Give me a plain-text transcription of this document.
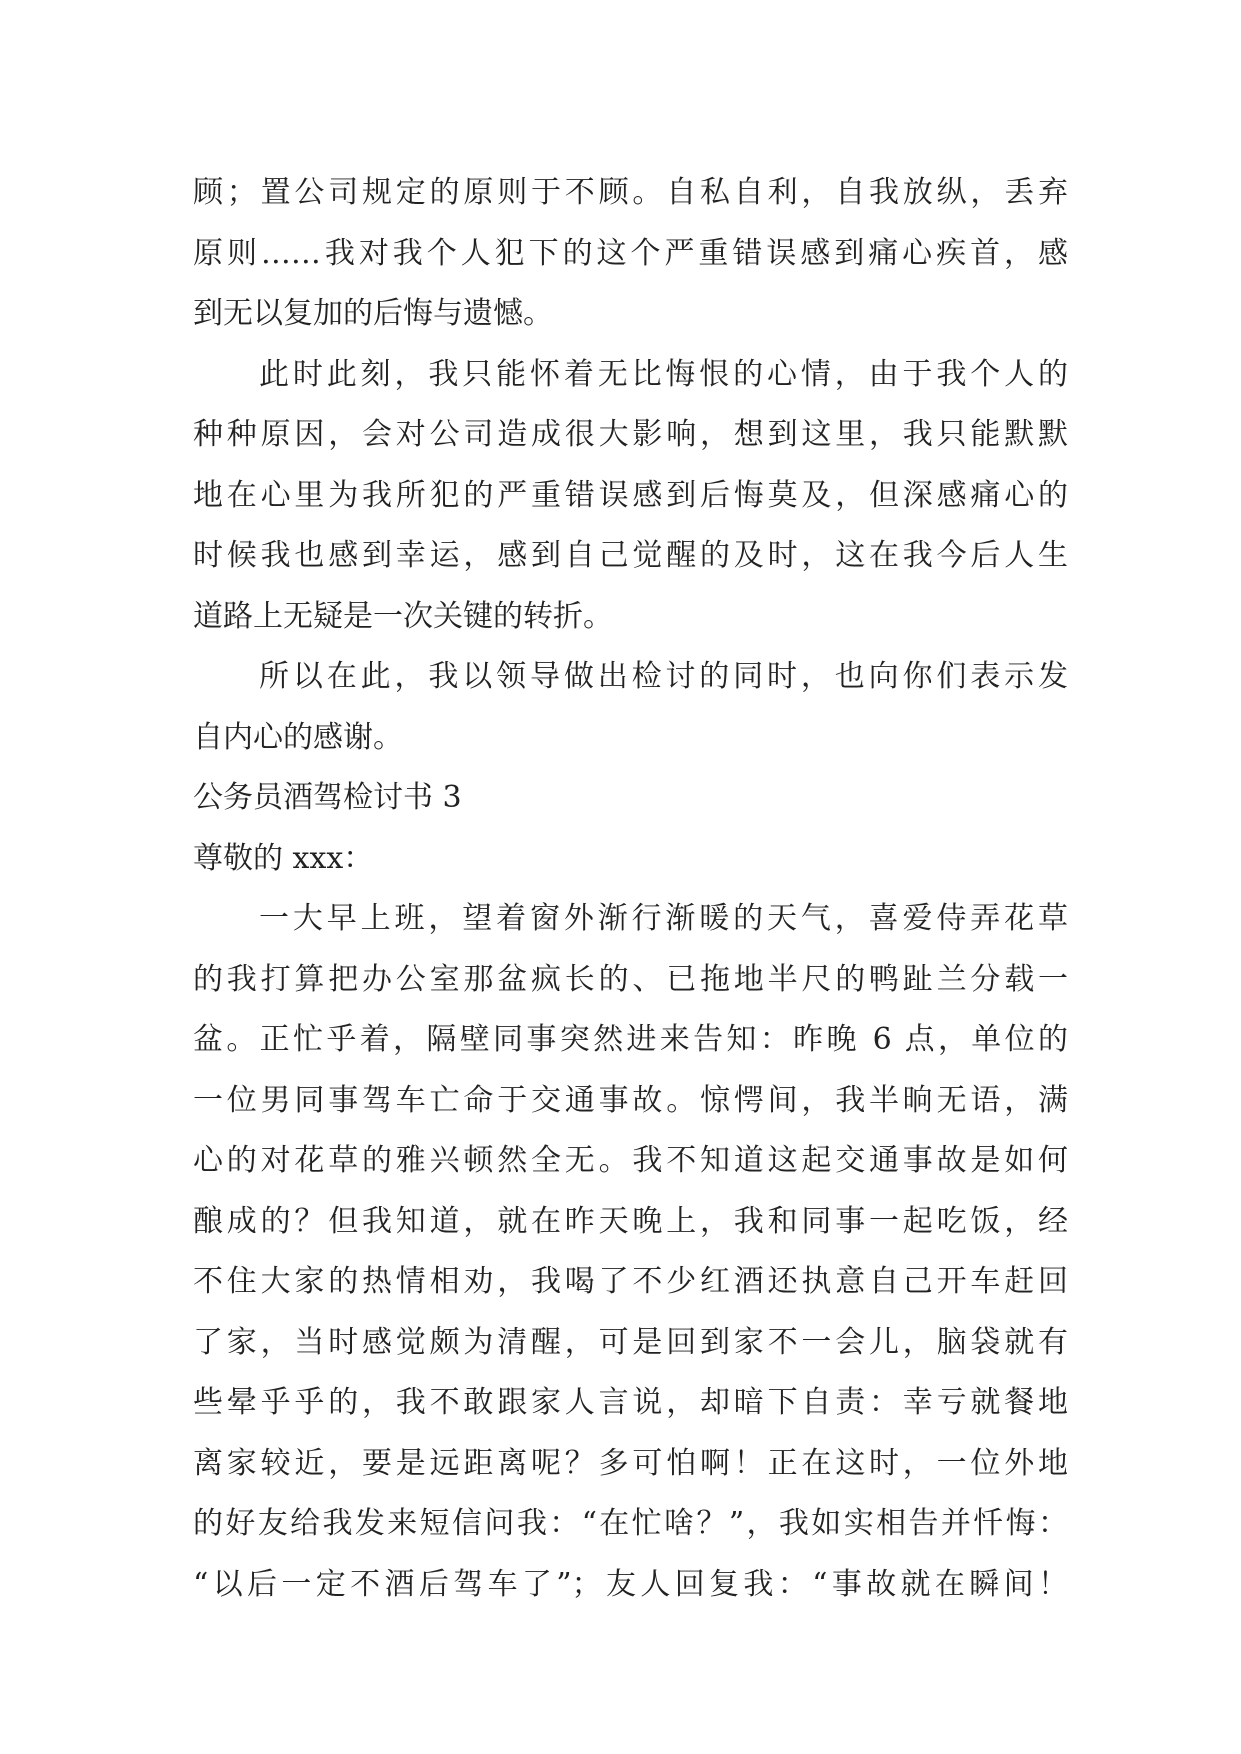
顾；置公司规定的原则于不顾。自私自利，自我放纵，丢弃
原则……我对我个人犯下的这个严重错误感到痛心疾首，感
到无以复加的后悔与遗憾。
此时此刻，我只能怀着无比悔恨的心情，由于我个人的
种种原因，会对公司造成很大影响，想到这里，我只能默默
地在心里为我所犯的严重错误感到后悔莫及，但深感痛心的
时候我也感到幸运，感到自己觉醒的及时，这在我今后人生
道路上无疑是一次关键的转折。
所以在此，我以领导做出检讨的同时，也向你们表示发
自内心的感谢。
公务员酒驾检讨书 3
尊敬的 xxx：
一大早上班，望着窗外渐行渐暖的天气，喜爱侍弄花草
的我打算把办公室那盆疯长的、已拖地半尺的鸭趾兰分载一
盆。正忙乎着，隔壁同事突然进来告知：昨晚 6 点，单位的
一位男同事驾车亡命于交通事故。惊愕间，我半晌无语，满
心的对花草的雅兴顿然全无。我不知道这起交通事故是如何
酿成的？但我知道，就在昨天晚上，我和同事一起吃饭，经
不住大家的热情相劝，我喝了不少红酒还执意自己开车赶回
了家，当时感觉颇为清醒，可是回到家不一会儿，脑袋就有
些晕乎乎的，我不敢跟家人言说，却暗下自责：幸亏就餐地
离家较近，要是远距离呢？多可怕啊！正在这时，一位外地
的好友给我发来短信问我：“在忙啥？”，我如实相告并忏悔：
“以后一定不酒后驾车了”；友人回复我：“事故就在瞬间！
